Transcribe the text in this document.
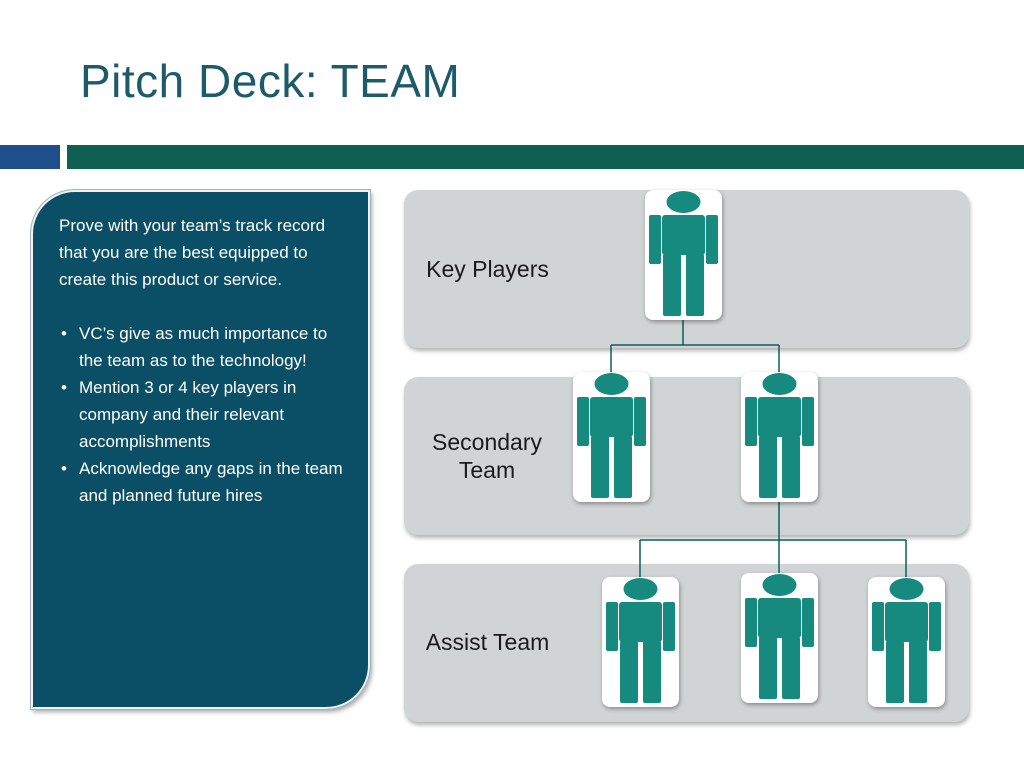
Pitch Deck: TEAM

Prove with your team’s track record that you are the best equipped to create this product or service.

• VC’s give as much importance to the team as to the technology!
• Mention 3 or 4 key players in company and their relevant accomplishments
• Acknowledge any gaps in the team and planned future hires
Key Players
Secondary Team
Assist Team
